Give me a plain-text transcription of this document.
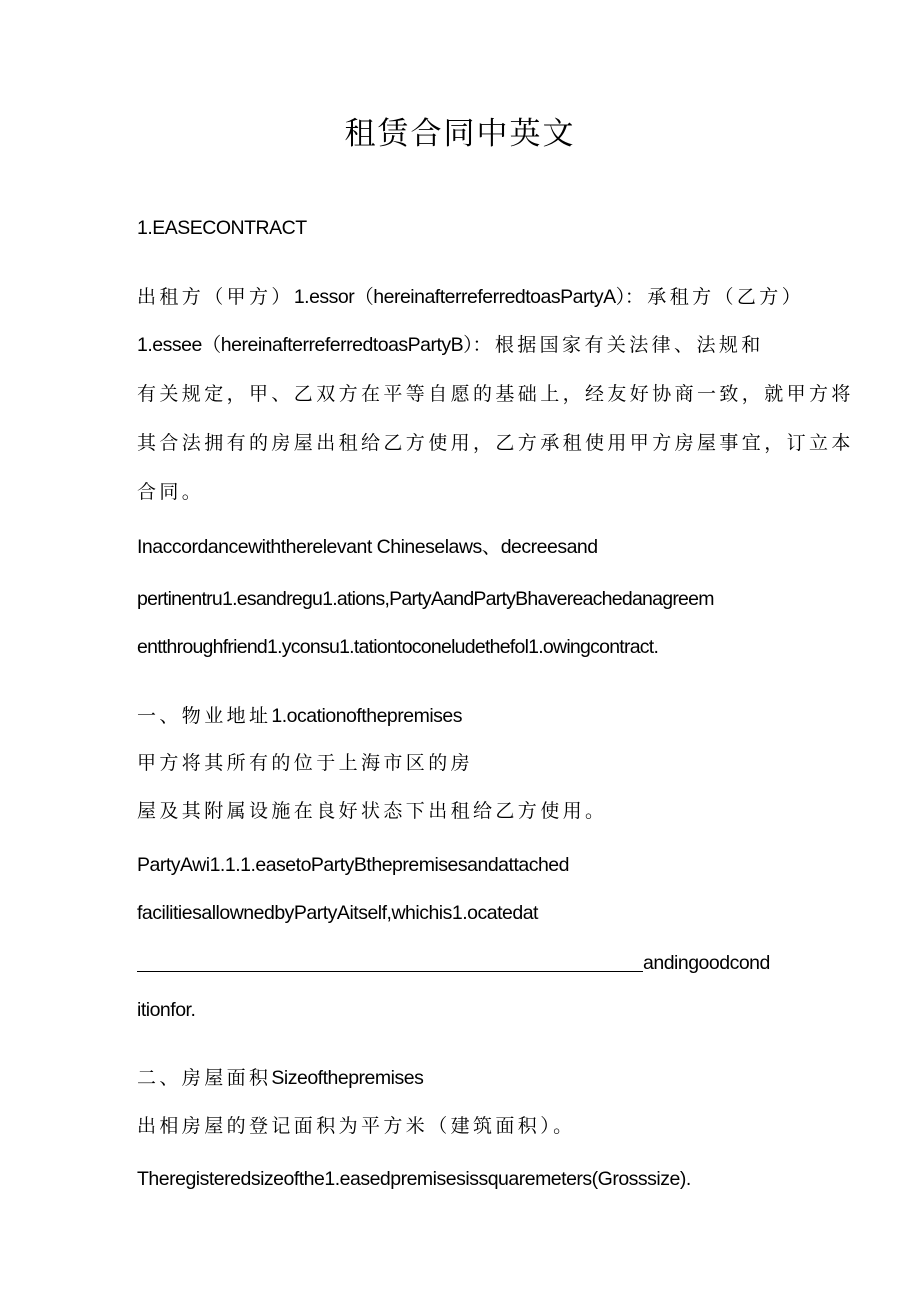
租赁合同中英文
1.EASECONTRACT
出租方（甲方）1.essor（hereinafterreferredtoasPartyA）：承租方（乙方）
1.essee（hereinafterreferredtoasPartyB）：根据国家有关法律、法规和
有关规定，甲、乙双方在平等自愿的基础上，经友好协商一致，就甲方将
其合法拥有的房屋出租给乙方使用，乙方承租使用甲方房屋事宜，订立本
合同。
Inaccordancewiththerelevant Chineselaws、decreesand
pertinentru1.esandregu1.ations,PartyAandPartyBhavereachedanagreem
entthroughfriend1.yconsu1.tationtoconeludethefol1.owingcontract.
一、物业地址1.ocationofthepremises
甲方将其所有的位于上海市区的房
屋及其附属设施在良好状态下出租给乙方使用。
PartyAwi1.1.1.easetoPartyBthepremisesandattached
facilitiesallownedbyPartyAitself,whichis1.ocatedat
andingoodcond
itionfor.
二、房屋面积Sizeofthepremises
出相房屋的登记面积为平方米（建筑面积）。
Theregisteredsizeofthe1.easedpremisesissquaremeters(Grosssize).
